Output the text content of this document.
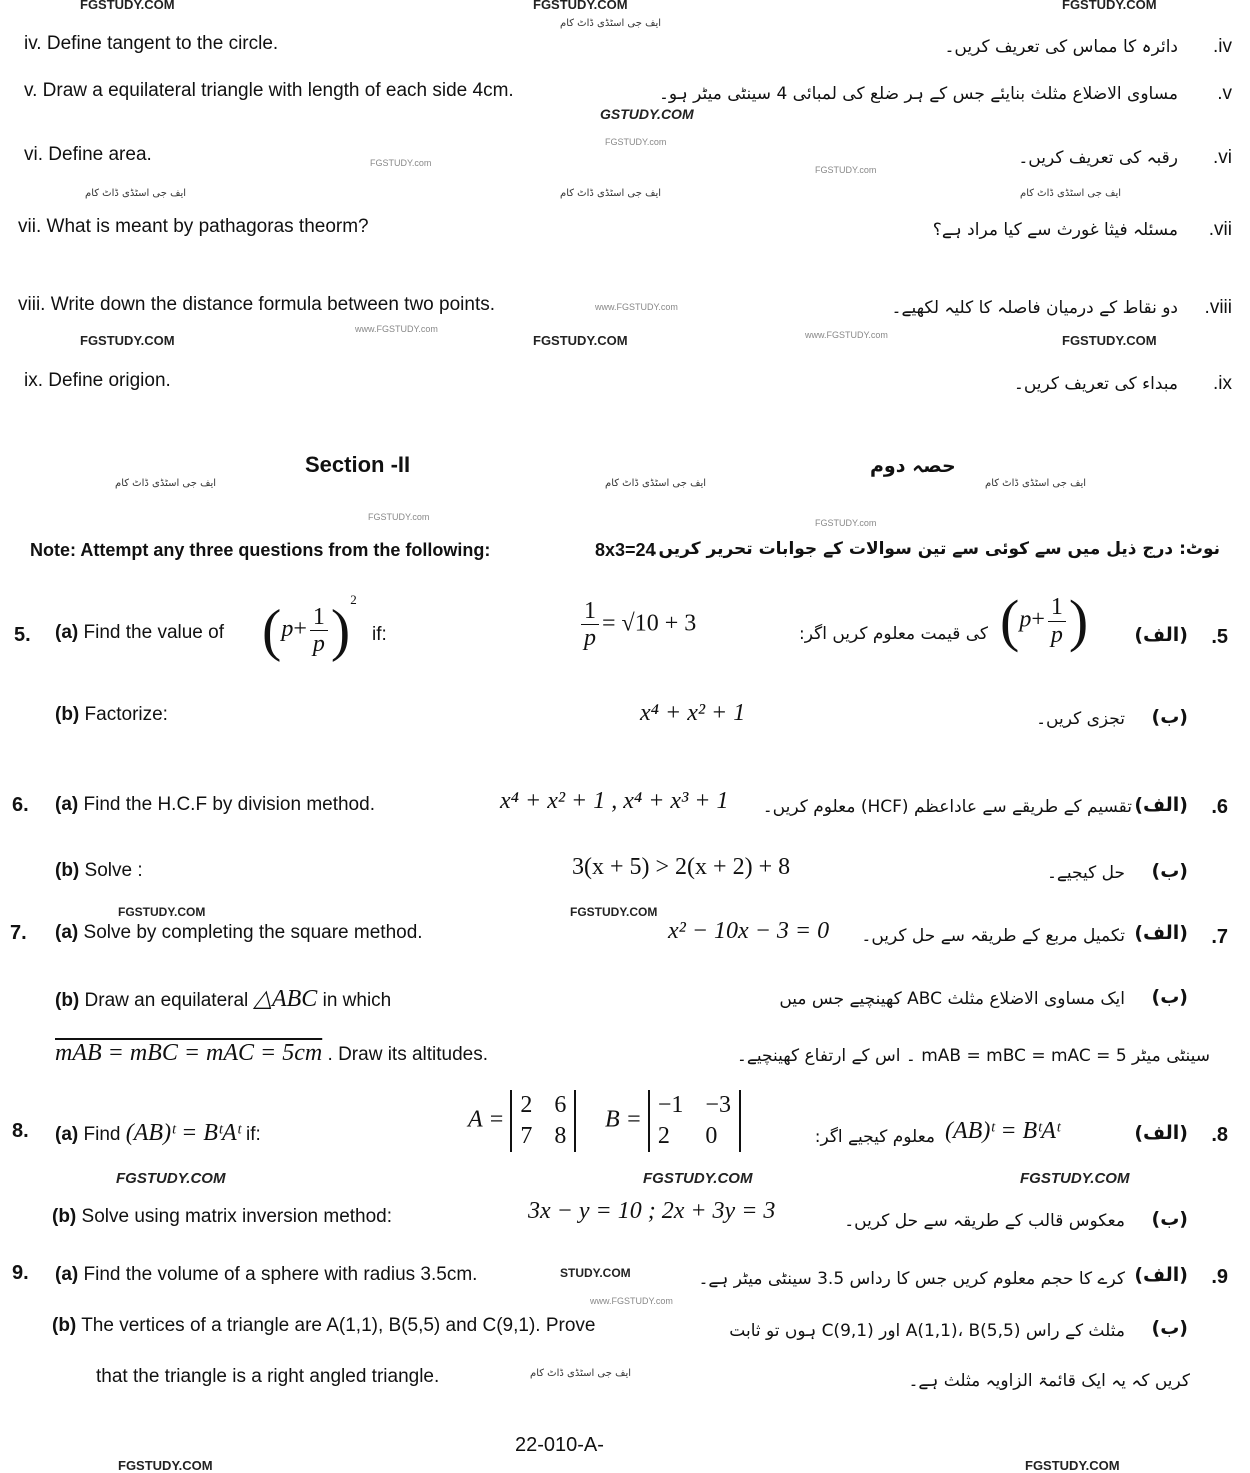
FGSTUDY.COM	FGSTUDY.COM	FGSTUDY.COM
ایف جی اسٹڈی ڈاٹ کام
ایف جی اسٹڈی ڈاٹ کام
ایف جی اسٹڈی ڈاٹ کام	ایف جی اسٹڈی ڈاٹ کام
GSTUDY.COM
FGSTUDY.com
FGSTUDY.com
FGSTUDY.com
www.FGSTUDY.com
www.FGSTUDY.com
www.FGSTUDY.com
FGSTUDY.COM	FGSTUDY.COM	FGSTUDY.COM
iv. Define tangent to the circle.	دائرہ کا مماس کی تعریف کریں۔ .iv
v. Draw a equilateral triangle with length of each side 4cm.	مساوی الاضلاع مثلث بنایئے جس کے ہر ضلع کی لمبائی 4 سینٹی میٹر ہو۔ .v
vi. Define area.	رقبہ کی تعریف کریں۔ .vi
vii. What is meant by pathagoras theorm?	مسئلہ فیثا غورث سے کیا مراد ہے؟ .vii
viii. Write down the distance formula between two points.	دو نقاط کے درمیان فاصلہ کا کلیہ لکھیے۔ .viii
ix. Define origion.	مبداء کی تعریف کریں۔ .ix
Section -II	حصہ دوم
ایف جی اسٹڈی ڈاٹ کام	ایف جی اسٹڈی ڈاٹ کام	ایف جی اسٹڈی ڈاٹ کام
FGSTUDY.com
FGSTUDY.com
Note: Attempt any three questions from the following:	8x3=24
نوٹ: درج ذیل میں سے کوئی سے تین سوالات کے جوابات تحریر کریں۔
5. (a) Find the value of $(p+ \frac{1}{p} )^2$
if:	$\frac{1}{p} = √10 + 3$	کی قیمت معلوم کریں اگر: ($p+ \frac{1}{p}$ ) (الف) .5
(b) Factorize:	x⁴ + x² + 1	(ب)
تجزی کریں۔
6. (a) Find the H.C.F by division method.	x⁴ + x² + 1 , x⁴ + x³ + 1 تقسیم کے طریقے سے عاداعظم (HCF) معلوم کریں۔ (الف) .6
(b) Solve :	3(x + 5) > 2(x + 2) + 8	(ب)
حل کیجیے۔
FGSTUDY.COM	FGSTUDY.COM
7. (a) Solve by completing the square method.	x² − 10x − 3 = 0 تکمیل مربع کے طریقہ سے حل کریں۔ (الف) .7
(b) Draw an equilateral △ABC in which
mAB = mBC = mAC = 5cm . Draw its altitudes.
(ب)
ایک مساوی الاضلاع مثلث ABC کھینچیے جس میں
سینٹی میٹر 5 = mAB = mBC = mAC ۔ اس کے ارتفاع کھینچیے۔
8. (a) Find (AB)ᵗ = BᵗAᵗ if:
A =
2 6
7 8
B =
−1 −3
2	0	معلوم کیجیے اگر: (AB)ᵗ = BᵗAᵗ	(الف) .8
FGSTUDY.COM	FGSTUDY.COM	FGSTUDY.COM
(b) Solve using matrix inversion method:	3x − y = 10 ; 2x + 3y = 3	(ب)
معکوس قالب کے طریقہ سے حل کریں۔
9. (a) Find the volume of a sphere with radius 3.5cm.	STUDY.COM
www.FGSTUDY.com
کرے کا حجم معلوم کریں جس کا رداس 3.5 سینٹی میٹر ہے۔ (الف) .9
(b) The vertices of a triangle are A(1,1), B(5,5) and C(9,1). Prove
that the triangle is a right angled triangle.	ایف جی اسٹڈی ڈاٹ کام
(ب)
مثلث کے راس A(1,1)، B(5,5) اور C(9,1) ہوں تو ثابت
کریں کہ یہ ایک قائمۃ الزاویہ مثلث ہے۔
22-010-A-
FGSTUDY.COM	FGSTUDY.COM
